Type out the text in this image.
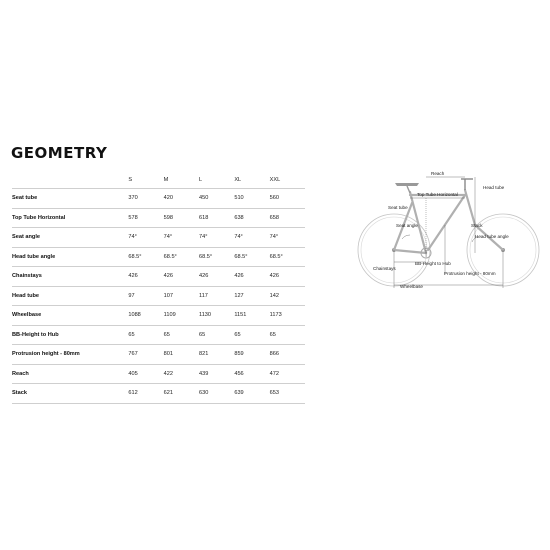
GEOMETRY
	S	M	L	XL	XXL
Seat tube	370	420	450	510	560
Top Tube Horizontal	578	598	618	638	658
Seat angle	74°	74°	74°	74°	74°
Head tube angle	68.5°	68.5°	68.5°	68.5°	68.5°
Chainstays	426	426	426	426	426
Head tube	97	107	117	127	142
Wheelbase	1088	1109	1130	1151	1173
BB-Height to Hub	65	65	65	65	65
Protrusion height - 80mm	767	801	821	859	866
Reach	405	422	439	456	472
Stack	612	621	630	639	653
Reach
Head tube
Top Tube Horizontal
Seat tube
Seat angle	Stack
Head tube angle
Chainstays
BB-Height to Hub
Protrusion height - 80mm
Wheelbase
